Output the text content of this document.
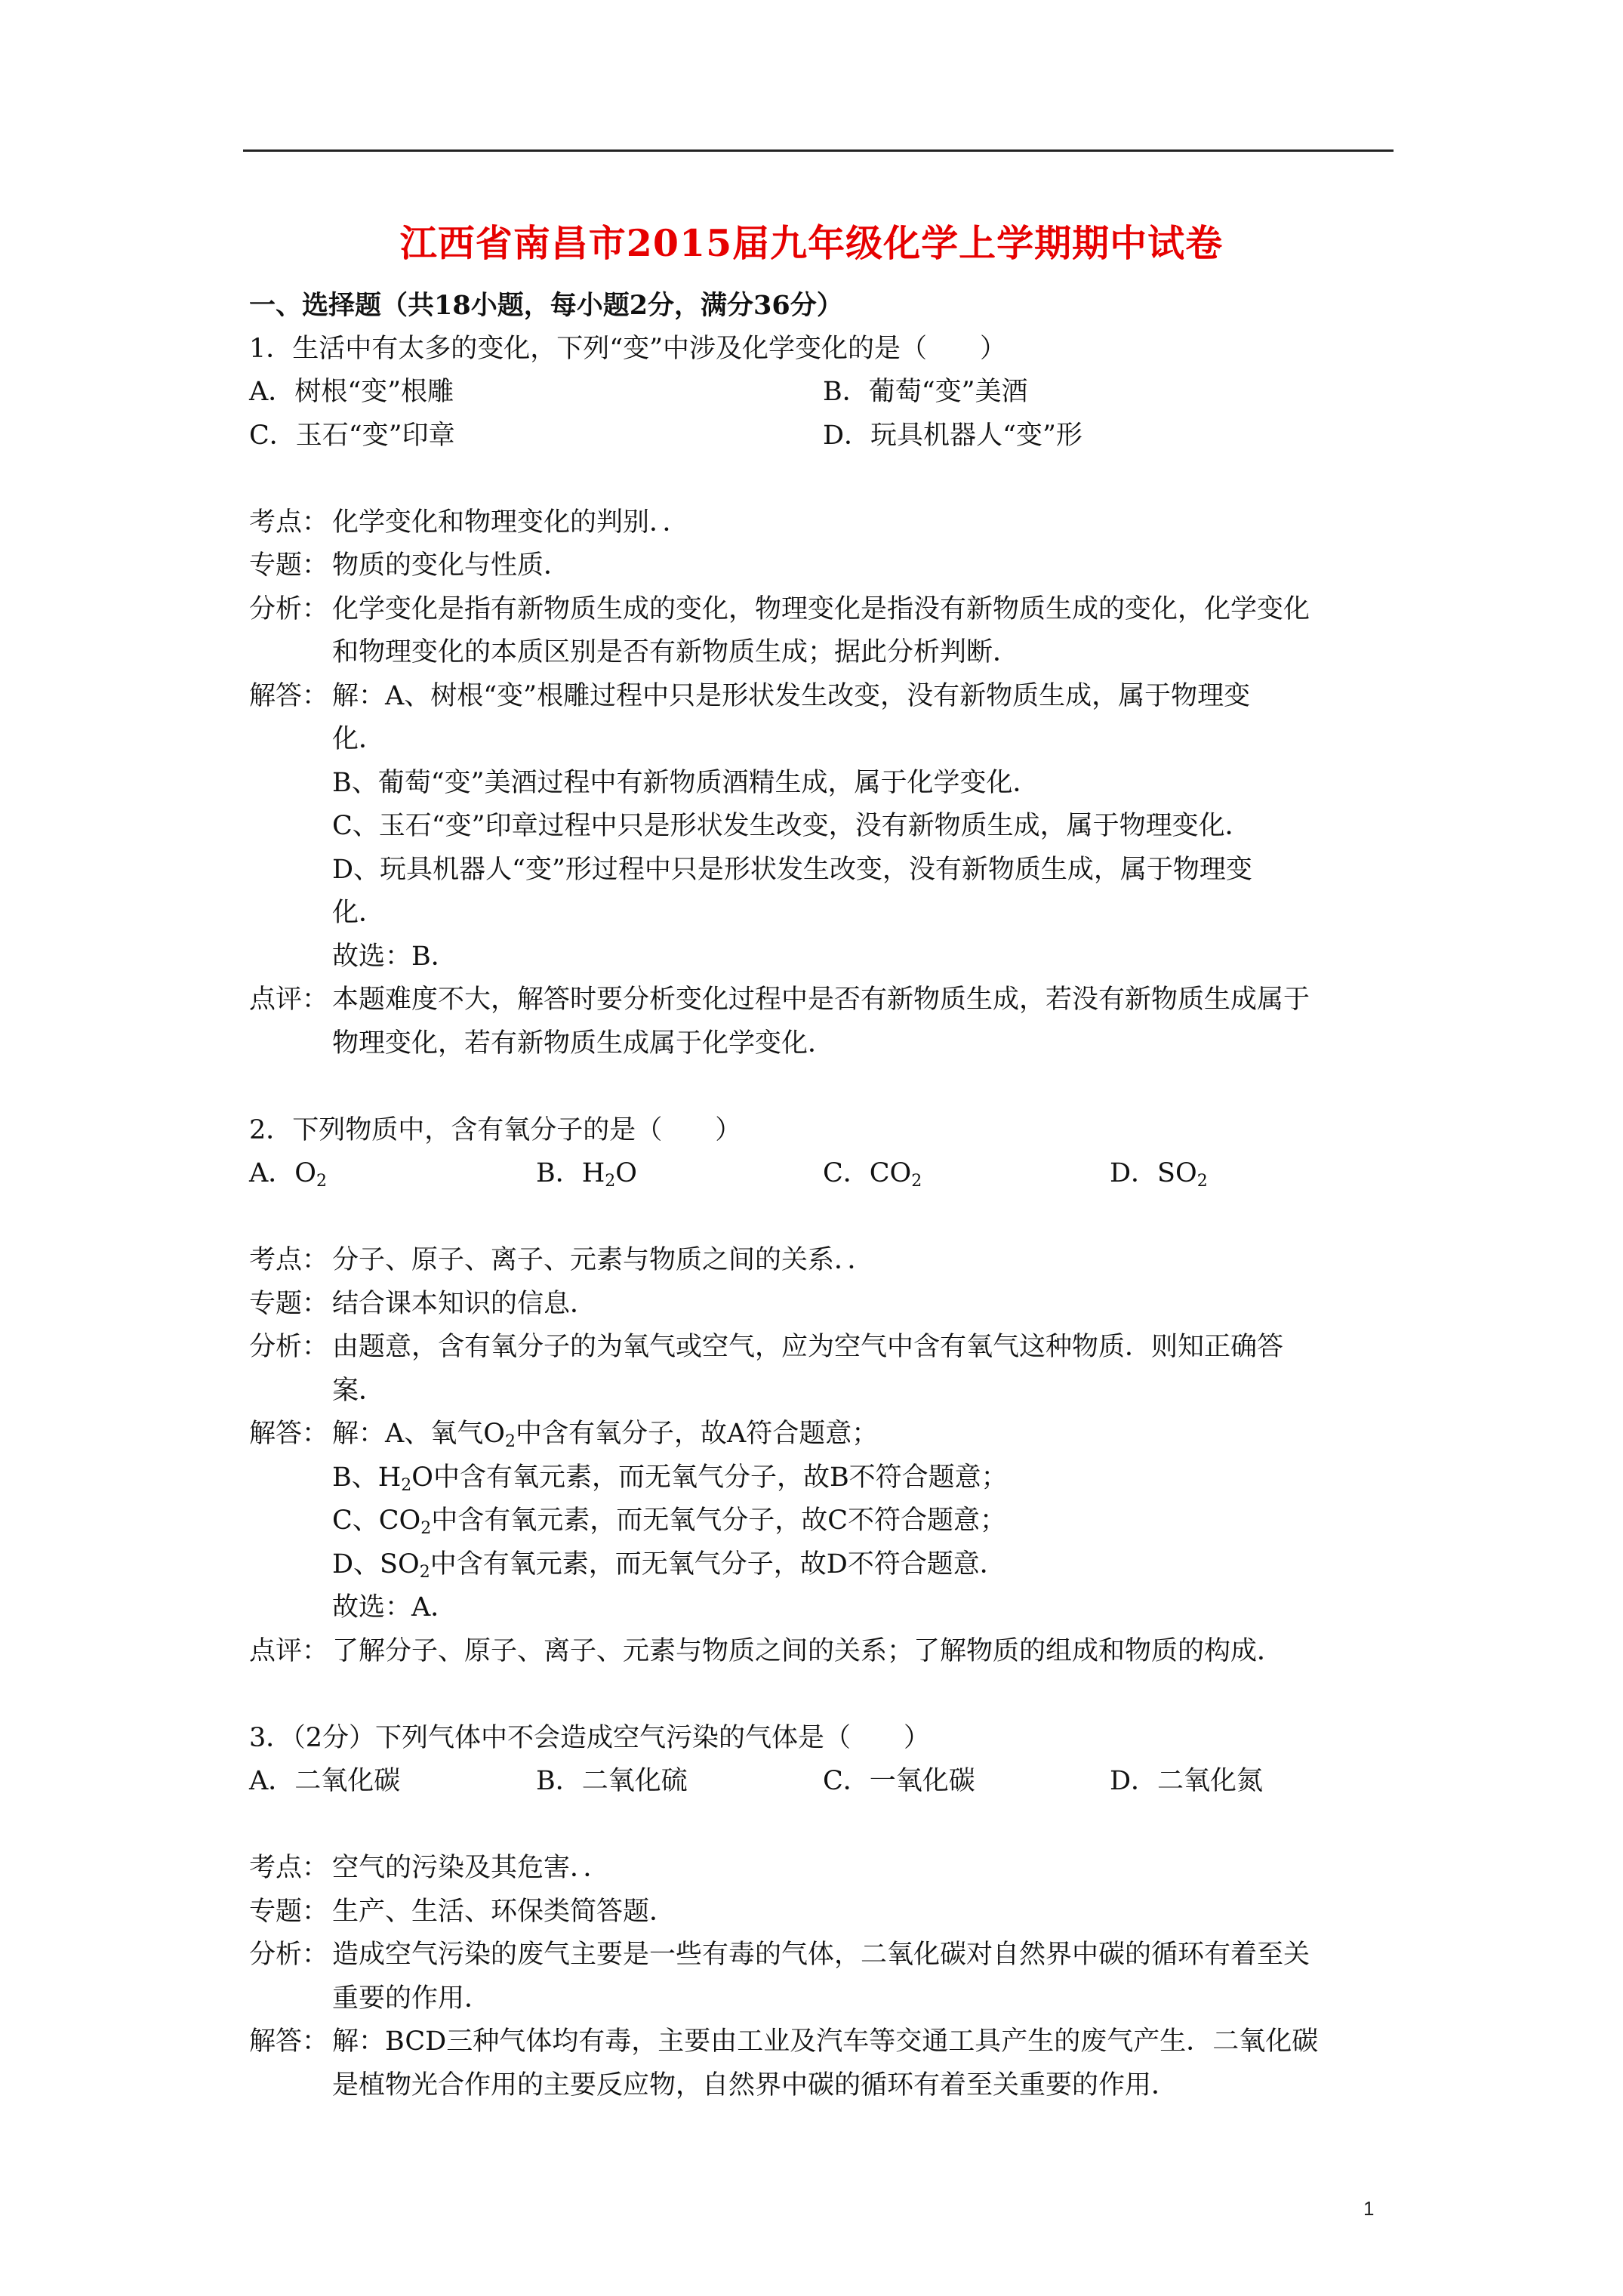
江西省南昌市2015届九年级化学上学期期中试卷
一、选择题（共18小题，每小题2分，满分36分）
1．生活中有太多的变化，下列“变”中涉及化学变化的是（　　）
A．树根“变”根雕	B．葡萄“变”美酒
C．玉石“变”印章	D．玩具机器人“变”形
考点： 化学变化和物理变化的判别．．
专题： 物质的变化与性质．
分析： 化学变化是指有新物质生成的变化，物理变化是指没有新物质生成的变化，化学变化
和物理变化的本质区别是否有新物质生成；据此分析判断．
解答： 解：A、树根“变”根雕过程中只是形状发生改变，没有新物质生成，属于物理变
化．
B、葡萄“变”美酒过程中有新物质酒精生成，属于化学变化．
C、玉石“变”印章过程中只是形状发生改变，没有新物质生成，属于物理变化．
D、玩具机器人“变”形过程中只是形状发生改变，没有新物质生成，属于物理变
化．
故选：B．
点评： 本题难度不大，解答时要分析变化过程中是否有新物质生成，若没有新物质生成属于
物理变化，若有新物质生成属于化学变化．
2．下列物质中，含有氧分子的是（　　）
A．$O_2$	B．$H_2O$	C．$CO_2$	D．$SO_2$
考点： 分子、原子、离子、元素与物质之间的关系．．
专题： 结合课本知识的信息．
分析： 由题意，含有氧分子的为氧气或空气，应为空气中含有氧气这种物质．则知正确答
案．
解答： 解：A、氧气$O_2$中含有氧分子，故A符合题意；
B、$H_2O$中含有氧元素，而无氧气分子，故B不符合题意；
C、$CO_2$中含有氧元素，而无氧气分子，故C不符合题意；
D、$SO_2$中含有氧元素，而无氧气分子，故D不符合题意．
故选：A．
点评： 了解分子、原子、离子、元素与物质之间的关系；了解物质的组成和物质的构成．
3．（2分）下列气体中不会造成空气污染的气体是（　　）
A．二氧化碳	B．二氧化硫	C．一氧化碳	D．二氧化氮
考点： 空气的污染及其危害．．
专题： 生产、生活、环保类简答题．
分析： 造成空气污染的废气主要是一些有毒的气体，二氧化碳对自然界中碳的循环有着至关
重要的作用．
解答： 解：BCD三种气体均有毒，主要由工业及汽车等交通工具产生的废气产生．二氧化碳
是植物光合作用的主要反应物，自然界中碳的循环有着至关重要的作用．
1
